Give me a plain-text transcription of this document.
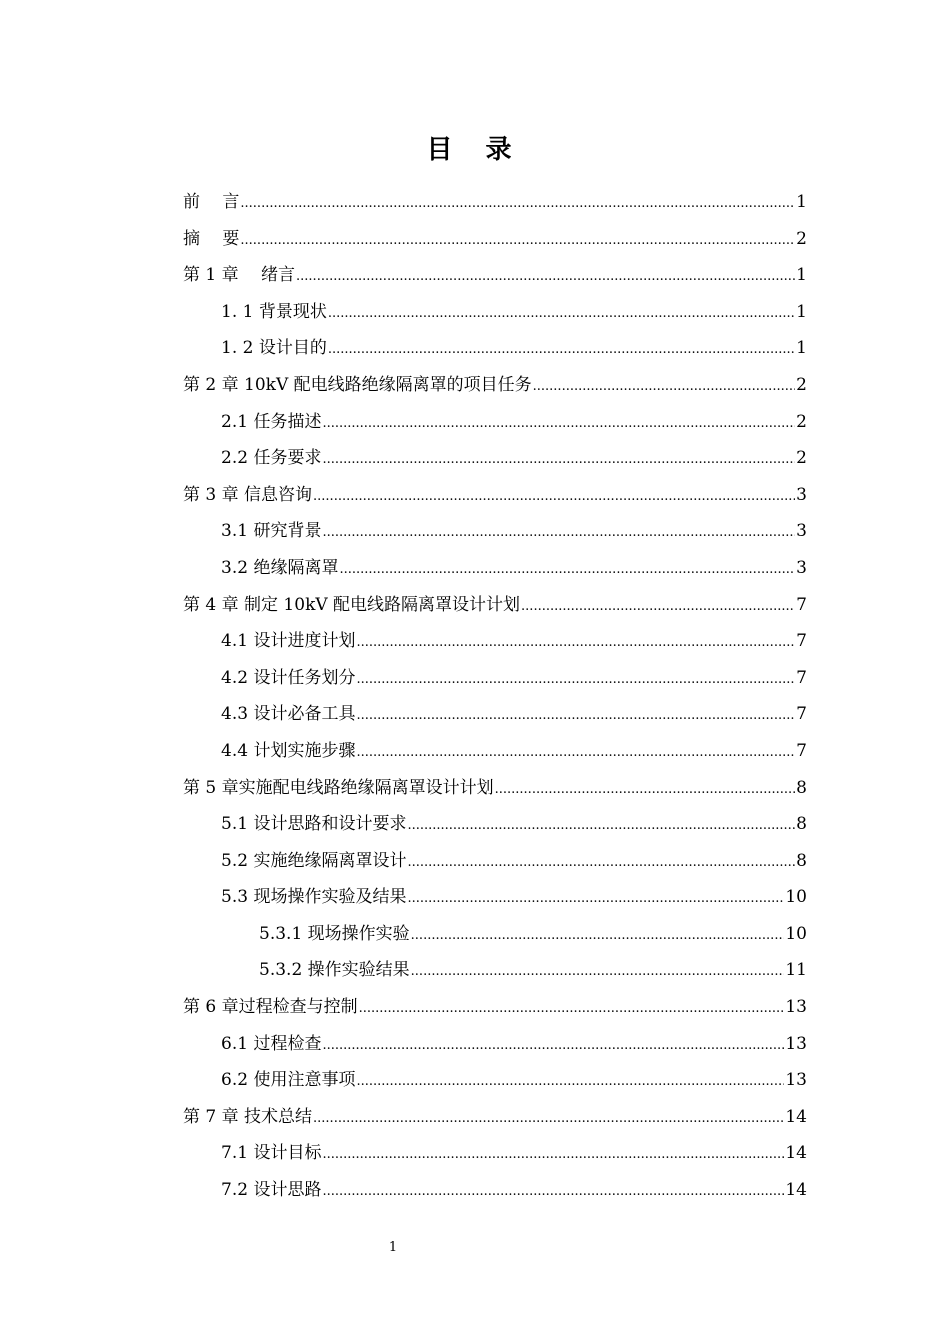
目 录
前　 言 .....	1
摘　 要 .....	2
第 1 章　 绪言 .....	1
1. 1 背景现状 .....	1
1. 2 设计目的 .....	1
第 2 章 10kV 配电线路绝缘隔离罩的项目任务 .....	2
2.1 任务描述 .....	2
2.2 任务要求 .....	2
第 3 章 信息咨询 .....	3
3.1 研究背景 .....	3
3.2 绝缘隔离罩 .....	3
第 4 章 制定 10kV 配电线路隔离罩设计计划 .....	7
4.1 设计进度计划 .....	7
4.2 设计任务划分 .....	7
4.3 设计必备工具 .....	7
4.4 计划实施步骤 .....	7
第 5 章实施配电线路绝缘隔离罩设计计划 .....	8
5.1 设计思路和设计要求 .....	8
5.2 实施绝缘隔离罩设计 .....	8
5.3 现场操作实验及结果 .....	10
5.3.1 现场操作实验 .....	10
5.3.2 操作实验结果 .....	11
第 6 章过程检查与控制 .....	13
6.1 过程检查 .....	13
6.2 使用注意事项 .....	13
第 7 章 技术总结 .....	14
7.1 设计目标 .....	14
7.2 设计思路 .....	14
1
